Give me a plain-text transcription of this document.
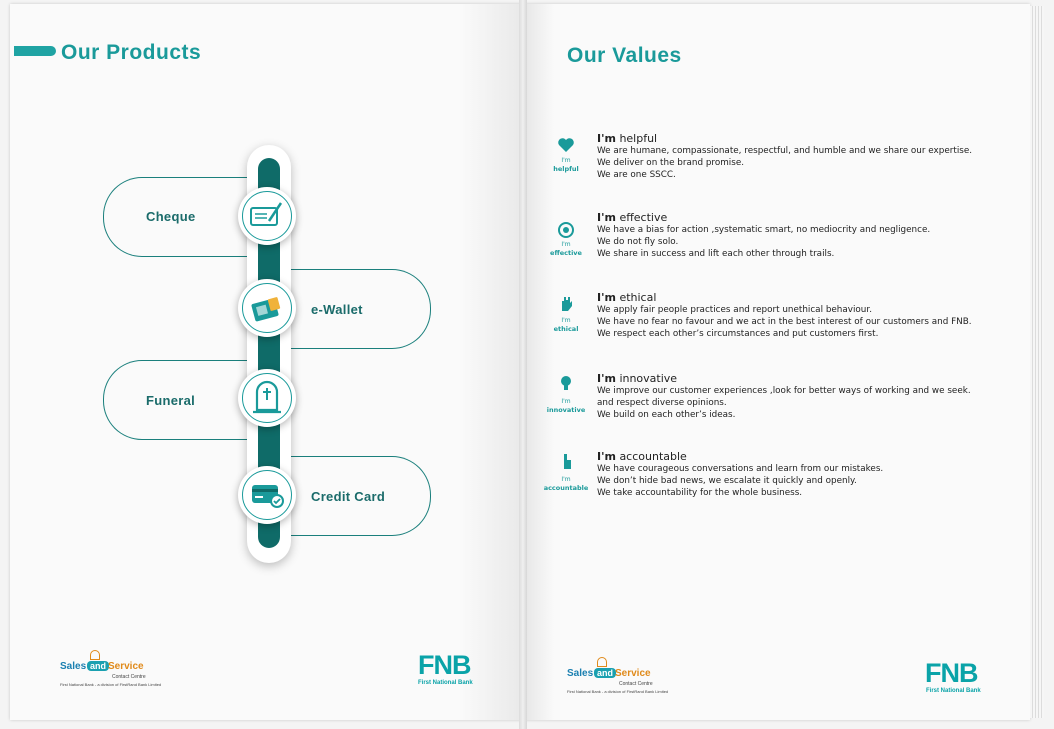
Our Products
Cheque
e-Wallet
Funeral
Credit Card
Sales and Service
Contact Centre
First National Bank - a division of FirstRand Bank Limited
FNB
First National Bank
Our Values
I'm
helpful
I'm helpful
We are humane, compassionate, respectful, and humble and we share our expertise.
We deliver on the brand promise.
We are one SSCC.
I'm
effective
I'm effective
We have a bias for action ,systematic smart, no mediocrity and negligence.
We do not fly solo.
We share in success and lift each other through trails.
I'm
ethical
I'm ethical
We apply fair people practices and report unethical behaviour.
We have no fear no favour and we act in the best interest of our customers and FNB.
We respect each other’s circumstances and put customers first.
I'm
innovative
I'm innovative
We improve our customer experiences ,look for better ways of working and we seek.
and respect diverse opinions.
We build on each other’s ideas.
I'm
accountable
I'm accountable
We have courageous conversations and learn from our mistakes.
We don’t hide bad news, we escalate it quickly and openly.
We take accountability for the whole business.
Sales and Service
Contact Centre
First National Bank - a division of FirstRand Bank Limited
FNB
First National Bank
